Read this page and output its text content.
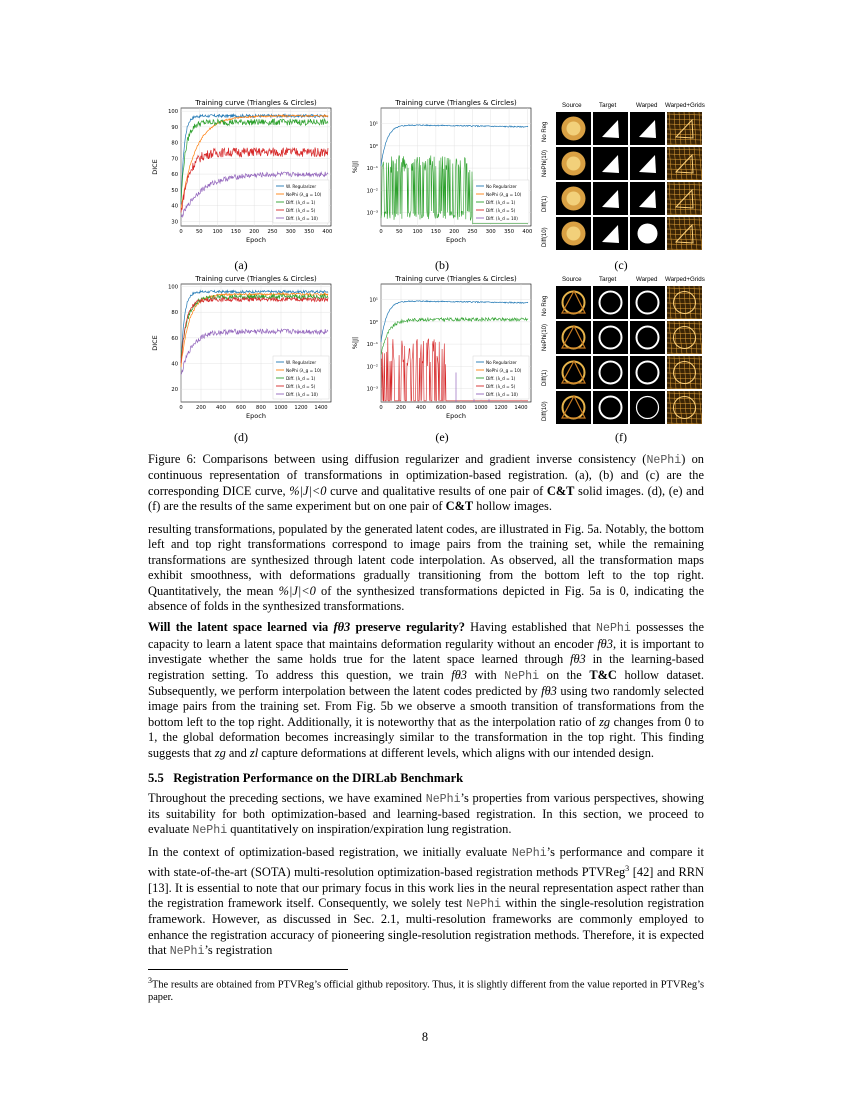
Training curve (Triangles & Circles)
0	50 100 150 200 250 300 350 400
30
40
50
60
70
80
90
100
Epoch
DICE
W. Regularizer
NePhi (λ_g = 10)
Diff. (λ_d = 1)
Diff. (λ_d = 5)
Diff. (λ_d = 10)
Training curve (Triangles & Circles)
0	50 100 150 200 250 300 350 400
10⁻³
10⁻²
10⁻¹
10⁰
10¹
Epoch
%|J|
No Regularizer
NePhi (λ_g = 10)
Diff. (λ_d = 1)
Diff. (λ_d = 5)
Diff. (λ_d = 10)
Training curve (Triangles & Circles)
0	200 400 600 800 1000 1200 1400
20
40
60
80
100
Epoch
DICE
W. Regularizer
NePhi (λ_g = 10)
Diff. (λ_d = 1)
Diff. (λ_d = 5)
Diff. (λ_d = 10)
Training curve (Triangles & Circles)
0	200 400 600 800 1000 1200 1400
10⁻³
10⁻²
10⁻¹
10⁰
10¹
Epoch
%|J|
No Regularizer
NePhi (λ_g = 10)
Diff. (λ_d = 1)
Diff. (λ_d = 5)
Diff. (λ_d = 10)
Source	Target	Warped Warped+Grids
No Reg
NePhi(10)
Diff(1)
Diff(10)
Source	Target	Warped Warped+Grids
No Reg
NePhi(10)
Diff(1)
Diff(10)
(a)	(b)	(c)
(d)	(e)	(f)

Figure 6: Comparisons between using diffusion regularizer and gradient inverse consistency (NePhi) on continuous representation of transformations in optimization-based registration. (a), (b) and (c) are the corresponding DICE curve, %|J|<0 curve and qualitative results of one pair of C&T solid images. (d), (e) and (f) are the results of the same experiment but on one pair of C&T hollow images.

resulting transformations, populated by the generated latent codes, are illustrated in Fig. 5a. Notably, the bottom left and top right transformations correspond to image pairs from the training set, while the remaining transformations are synthesized through latent code interpolation. As observed, all the transformation maps exhibit smoothness, with deformations gradually transitioning from the bottom left to the top right. Quantitatively, the mean %|J|<0 of the synthesized transformations depicted in Fig. 5a is 0, indicating the absence of folds in the synthesized transformations.

Will the latent space learned via fθ3 preserve regularity? Having established that NePhi possesses the capacity to learn a latent space that maintains deformation regularity without an encoder fθ3, it is important to investigate whether the same holds true for the latent space learned through fθ3 in the learning-based registration setting. To address this question, we train fθ3 with NePhi on the T&C hollow dataset. Subsequently, we perform interpolation between the latent codes predicted by fθ3 using two randomly selected image pairs from the training set. From Fig. 5b we observe a smooth transition of transformations from the bottom left to the top right. Additionally, it is noteworthy that as the interpolation ratio of zg changes from 0 to 1, the global deformation becomes increasingly similar to the transformation in the top right. This finding suggests that zg and zl capture deformations at different levels, which aligns with our intended design.

5.5 Registration Performance on the DIRLab Benchmark

Throughout the preceding sections, we have examined NePhi’s properties from various perspectives, showing its suitability for both optimization-based and learning-based registration. In this section, we proceed to evaluate NePhi quantitatively on inspiration/expiration lung registration.

In the context of optimization-based registration, we initially evaluate NePhi’s performance and compare it with state-of-the-art (SOTA) multi-resolution optimization-based registration methods PTVReg$^3$ [42] and RRN [13]. It is essential to note that our primary focus in this work lies in the neural representation aspect rather than the registration framework itself. Consequently, we solely test NePhi within the single-resolution registration framework. However, as discussed in Sec. 2.1, multi-resolution frameworks are commonly employed to enhance the registration accuracy of pioneering single-resolution registration methods. Therefore, it is expected that NePhi’s registration

$^3$The results are obtained from PTVReg’s official github repository. Thus, it is slightly different from the value reported in PTVReg’s paper.
8
